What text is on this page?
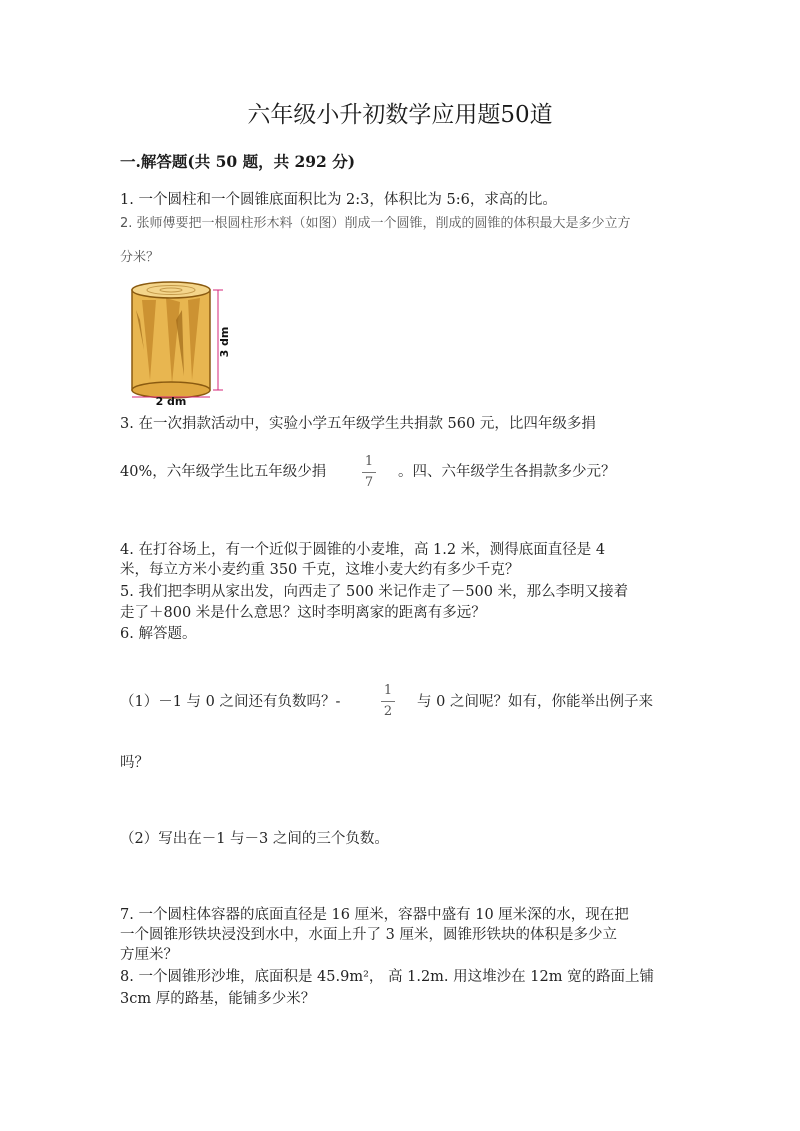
六年级小升初数学应用题50道
一.解答题(共 50 题，共 292 分)
1. 一个圆柱和一个圆锥底面积比为 2:3，体积比为 5:6，求高的比。
2. 张师傅要把一根圆柱形木料（如图）削成一个圆锥，削成的圆锥的体积最大是多少立方
分米？
3 dm
2 dm
3. 在一次捐款活动中，实验小学五年级学生共捐款 560 元，比四年级多捐
40%，六年级学生比五年级少捐
1
7
。四、六年级学生各捐款多少元？
4. 在打谷场上，有一个近似于圆锥的小麦堆，高 1.2 米，测得底面直径是 4
米，每立方米小麦约重 350 千克，这堆小麦大约有多少千克？
5. 我们把李明从家出发，向西走了 500 米记作走了－500 米，那么李明又接着
走了＋800 米是什么意思？这时李明离家的距离有多远？
6. 解答题。
（1）－1 与 0 之间还有负数吗？-
1
2
与 0 之间呢？如有，你能举出例子来
吗？
（2）写出在－1 与－3 之间的三个负数。
7. 一个圆柱体容器的底面直径是 16 厘米，容器中盛有 10 厘米深的水，现在把
一个圆锥形铁块浸没到水中，水面上升了 3 厘米，圆锥形铁块的体积是多少立
方厘米？
8. 一个圆锥形沙堆，底面积是 45.9m²， 高 1.2m. 用这堆沙在 12m 宽的路面上铺
3cm 厚的路基，能铺多少米？
